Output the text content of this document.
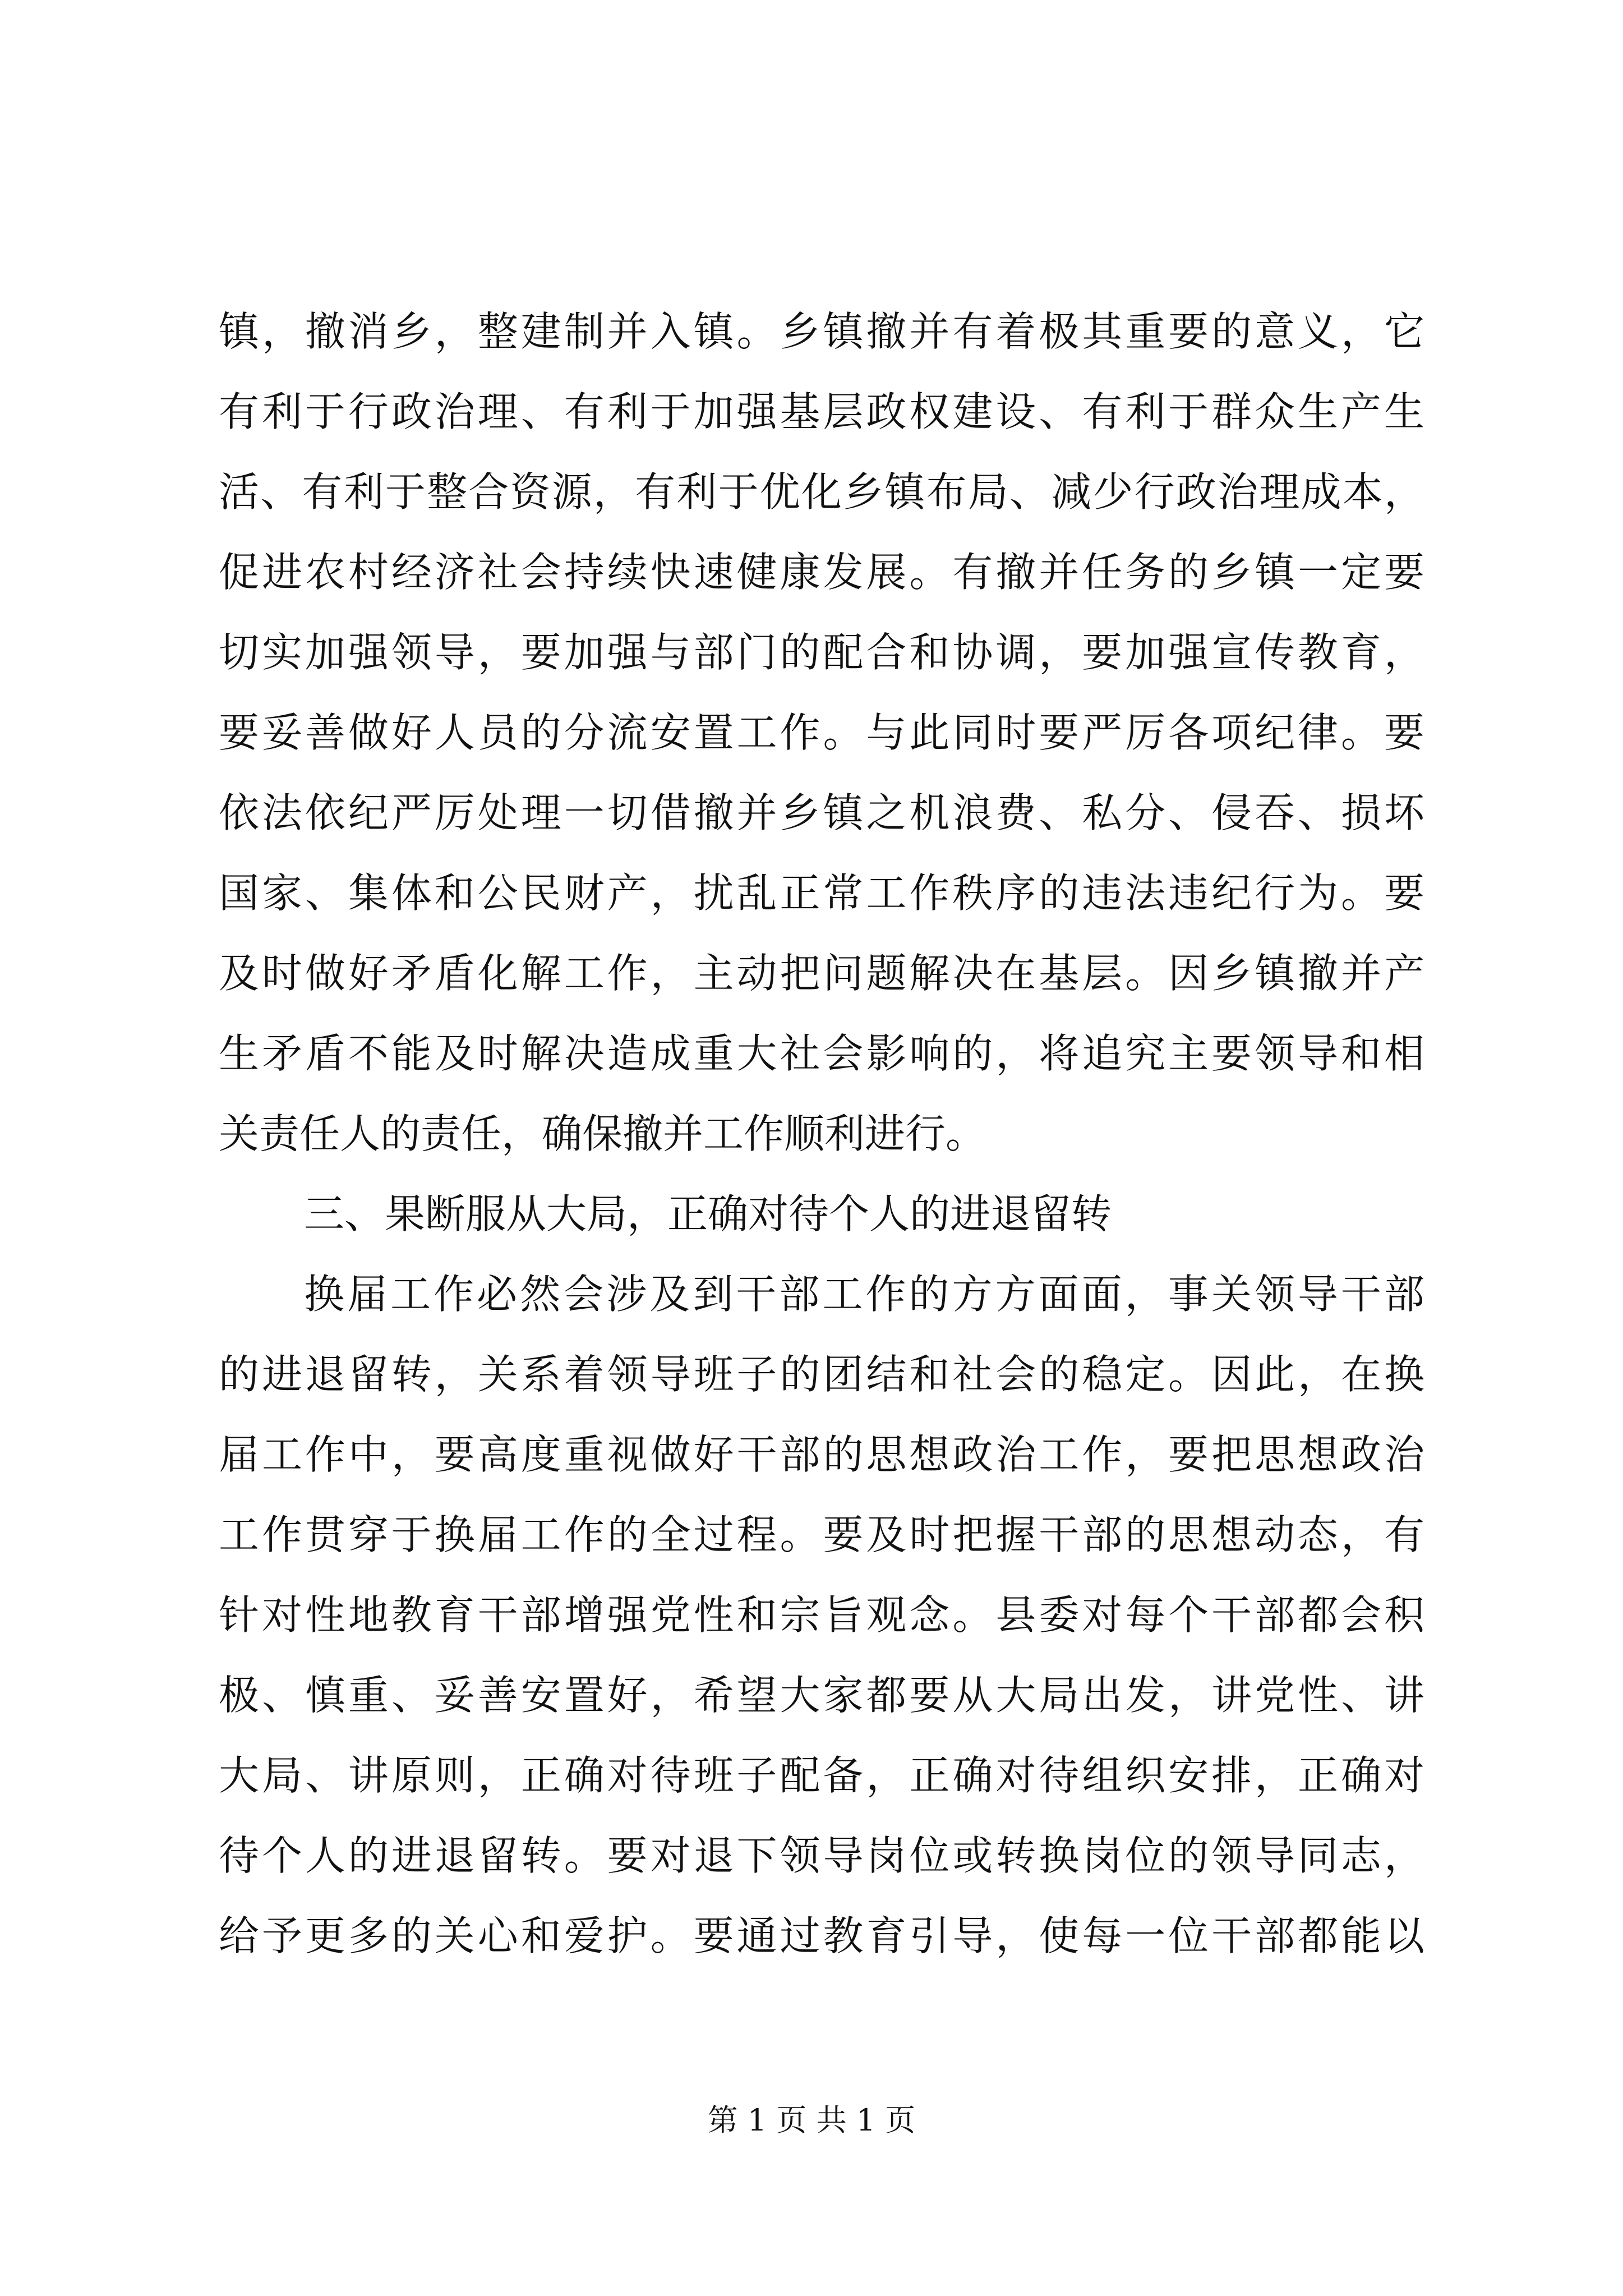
镇，撤消乡，整建制并入镇。乡镇撤并有着极其重要的意义，它
有利于行政治理、有利于加强基层政权建设、有利于群众生产生
活、有利于整合资源，有利于优化乡镇布局、减少行政治理成本，
促进农村经济社会持续快速健康发展。有撤并任务的乡镇一定要
切实加强领导，要加强与部门的配合和协调，要加强宣传教育，
要妥善做好人员的分流安置工作。与此同时要严厉各项纪律。要
依法依纪严厉处理一切借撤并乡镇之机浪费、私分、侵吞、损坏
国家、集体和公民财产，扰乱正常工作秩序的违法违纪行为。要
及时做好矛盾化解工作，主动把问题解决在基层。因乡镇撤并产
生矛盾不能及时解决造成重大社会影响的，将追究主要领导和相
关责任人的责任，确保撤并工作顺利进行。
三、果断服从大局，正确对待个人的进退留转
换届工作必然会涉及到干部工作的方方面面，事关领导干部
的进退留转，关系着领导班子的团结和社会的稳定。因此，在换
届工作中，要高度重视做好干部的思想政治工作，要把思想政治
工作贯穿于换届工作的全过程。要及时把握干部的思想动态，有
针对性地教育干部增强党性和宗旨观念。县委对每个干部都会积
极、慎重、妥善安置好，希望大家都要从大局出发，讲党性、讲
大局、讲原则，正确对待班子配备，正确对待组织安排，正确对
待个人的进退留转。要对退下领导岗位或转换岗位的领导同志，
给予更多的关心和爱护。要通过教育引导，使每一位干部都能以
第 1 页 共 1 页
